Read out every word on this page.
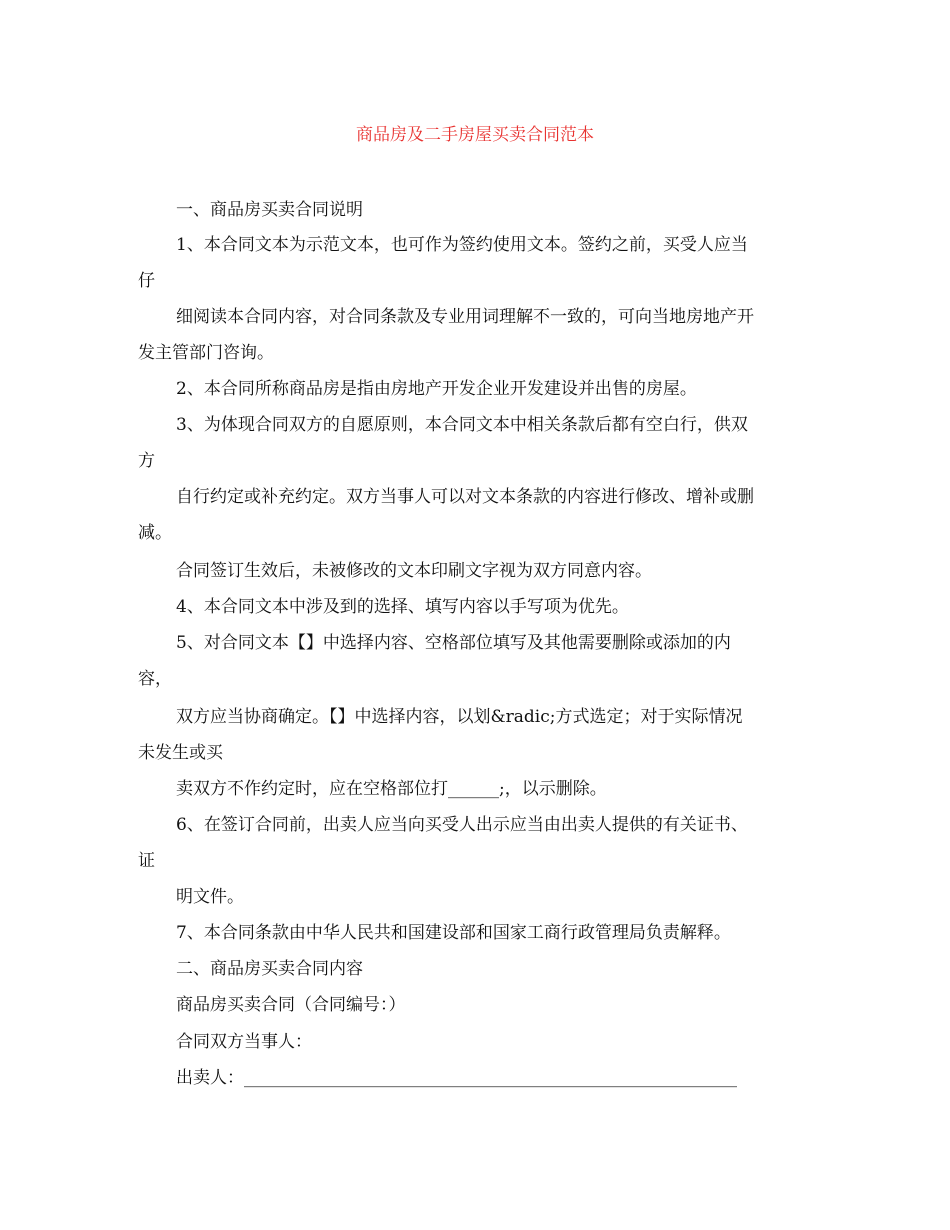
商品房及二手房屋买卖合同范本

一、商品房买卖合同说明

1、本合同文本为示范文本，也可作为签约使用文本。签约之前，买受人应当

仔

细阅读本合同内容，对合同条款及专业用词理解不一致的，可向当地房地产开

发主管部门咨询。

2、本合同所称商品房是指由房地产开发企业开发建设并出售的房屋。

3、为体现合同双方的自愿原则，本合同文本中相关条款后都有空白行，供双

方

自行约定或补充约定。双方当事人可以对文本条款的内容进行修改、增补或删

减。

合同签订生效后，未被修改的文本印刷文字视为双方同意内容。

4、本合同文本中涉及到的选择、填写内容以手写项为优先。

5、对合同文本【】中选择内容、空格部位填写及其他需要删除或添加的内

容，

双方应当协商确定。【】中选择内容，以划&radic;方式选定；对于实际情况

未发生或买

卖双方不作约定时，应在空格部位打______;，以示删除。

6、在签订合同前，出卖人应当向买受人出示应当由出卖人提供的有关证书、

证

明文件。

7、本合同条款由中华人民共和国建设部和国家工商行政管理局负责解释。

二、商品房买卖合同内容

商品房买卖合同（合同编号：）

合同双方当事人：

出卖人：__________________________________________________________
